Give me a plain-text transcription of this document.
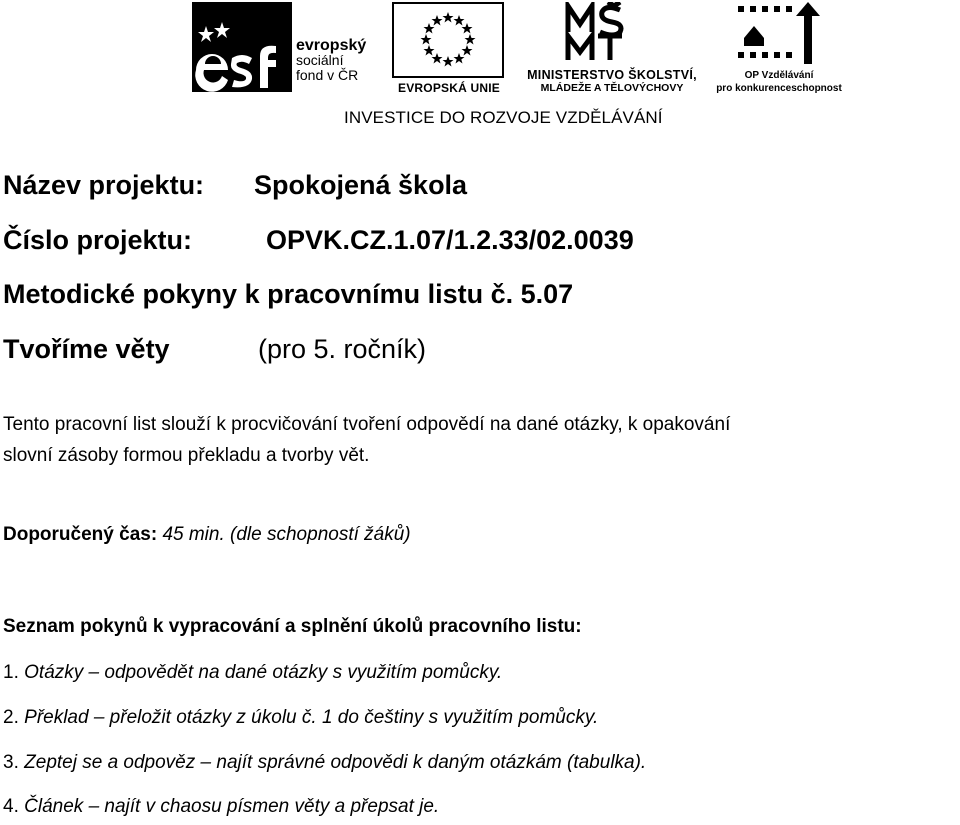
evropský
sociální
fond v ČR
EVROPSKÁ UNIE
MINISTERSTVO ŠKOLSTVÍ,
MLÁDEŽE A TĚLOVÝCHOVY
OP Vzdělávání
pro konkurenceschopnost
INVESTICE DO ROZVOJE VZDĚLÁVÁNÍ
Název projektu: Spokojená škola
Číslo projektu:	OPVK.CZ.1.07/1.2.33/02.0039
Metodické pokyny k pracovnímu listu č. 5.07
Tvoříme věty	(pro 5. ročník)
Tento pracovní list slouží k procvičování tvoření odpovědí na dané otázky, k opakování
slovní zásoby formou překladu a tvorby vět.
Doporučený čas: 45 min. (dle schopností žáků)
Seznam pokynů k vypracování a splnění úkolů pracovního listu:
1. Otázky – odpovědět na dané otázky s využitím pomůcky.
2. Překlad – přeložit otázky z úkolu č. 1 do češtiny s využitím pomůcky.
3. Zeptej se a odpověz – najít správné odpovědi k daným otázkám (tabulka).
4. Článek – najít v chaosu písmen věty a přepsat je.
